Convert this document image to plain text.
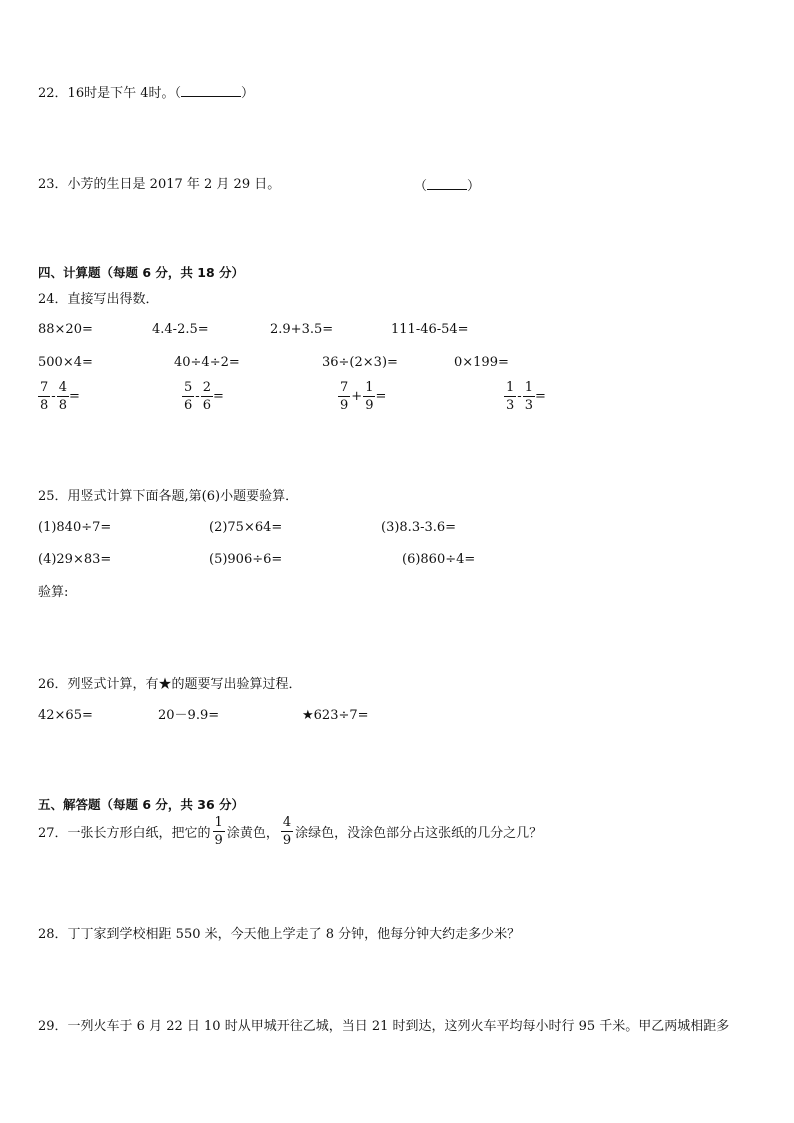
22．16时是下午 4时。（	）
23．小芳的生日是 2017 年 2 月 29 日。	（	）
四、计算题（每题 6 分，共 18 分）
24．直接写出得数．
88×20=	4.4-2.5=	2.9+3.5=	111-46-54=
500×4=	40÷4÷2=	36÷(2×3)=	0×199=
$\frac{7}{8} - \frac{4}{8}$ =	$\frac{5}{6} - \frac{2}{6}$ =	$\frac{7}{9} + \frac{1}{9}$ =	$\frac{1}{3} - \frac{1}{3}$ =
25．用竖式计算下面各题,第(6)小题要验算．
(1)840÷7=	(2)75×64=	(3)8.3-3.6=
(4)29×83=	(5)906÷6=	(6)860÷4=
验算:
26．列竖式计算，有★的题要写出验算过程．
42×65=	20－9.9=	★623÷7=
五、解答题（每题 6 分，共 36 分）
27．一张长方形白纸，把它的 $\frac{1}{9}$ 涂黄色， $\frac{4}{9}$ 涂绿色，没涂色部分占这张纸的几分之几？
28．丁丁家到学校相距 550 米，今天他上学走了 8 分钟，他每分钟大约走多少米？
29．一列火车于 6 月 22 日 10 时从甲城开往乙城，当日 21 时到达，这列火车平均每小时行 95 千米。甲乙两城相距多
